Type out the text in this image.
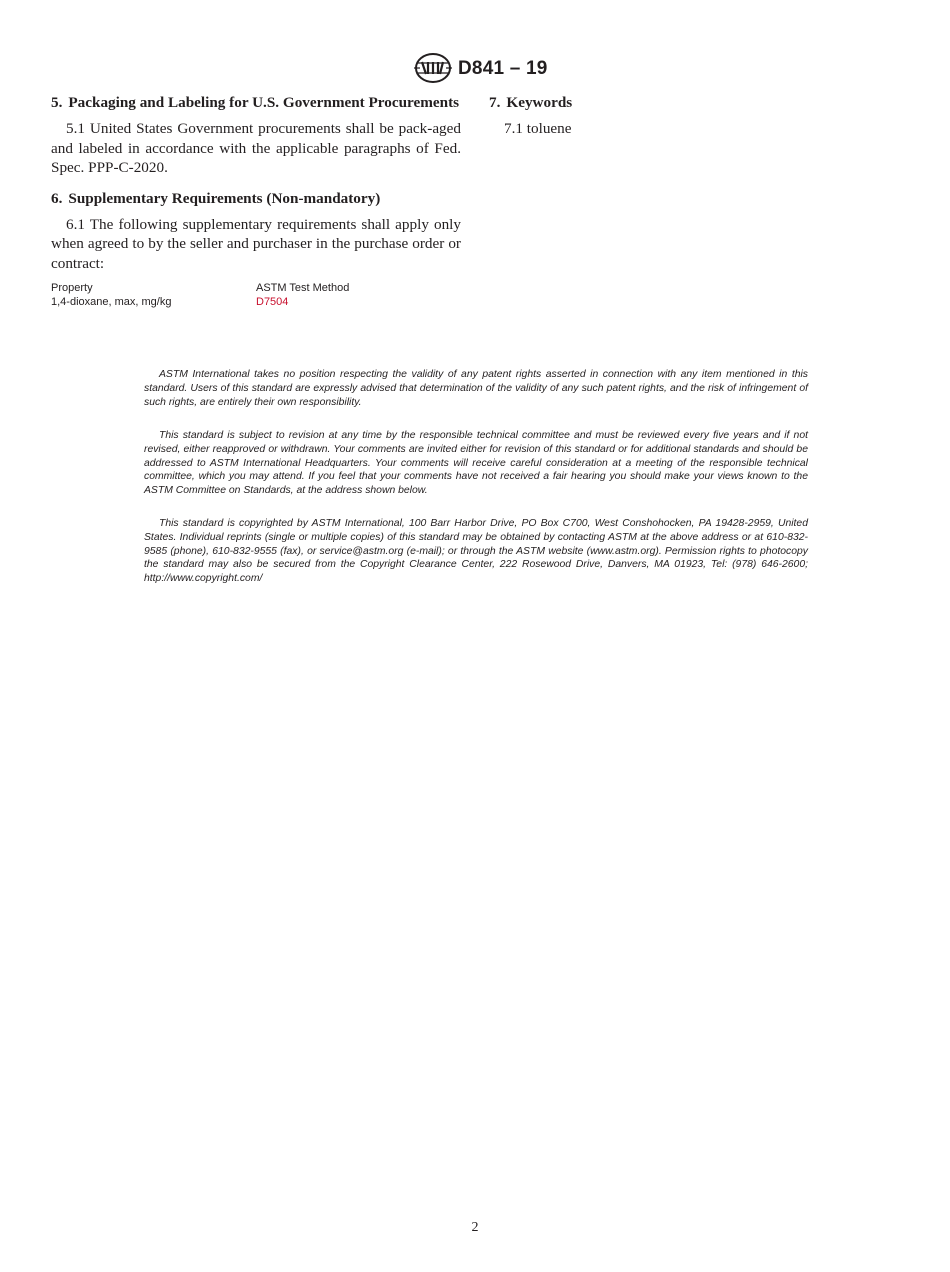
D841 – 19
5. Packaging and Labeling for U.S. Government Procurements

5.1 United States Government procurements shall be pack-aged and labeled in accordance with the applicable paragraphs of Fed. Spec. PPP-C-2020.

6. Supplementary Requirements (Non-mandatory)

6.1 The following supplementary requirements shall apply only when agreed to by the seller and purchaser in the purchase order or contract:

Property	ASTM Test Method
1,4-dioxane, max, mg/kg	D7504
7. Keywords

7.1 toluene

ASTM International takes no position respecting the validity of any patent rights asserted in connection with any item mentioned in this standard. Users of this standard are expressly advised that determination of the validity of any such patent rights, and the risk of infringement of such rights, are entirely their own responsibility.

This standard is subject to revision at any time by the responsible technical committee and must be reviewed every five years and if not revised, either reapproved or withdrawn. Your comments are invited either for revision of this standard or for additional standards and should be addressed to ASTM International Headquarters. Your comments will receive careful consideration at a meeting of the responsible technical committee, which you may attend. If you feel that your comments have not received a fair hearing you should make your views known to the ASTM Committee on Standards, at the address shown below.

This standard is copyrighted by ASTM International, 100 Barr Harbor Drive, PO Box C700, West Conshohocken, PA 19428-2959, United States. Individual reprints (single or multiple copies) of this standard may be obtained by contacting ASTM at the above address or at 610-832-9585 (phone), 610-832-9555 (fax), or service@astm.org (e-mail); or through the ASTM website (www.astm.org). Permission rights to photocopy the standard may also be secured from the Copyright Clearance Center, 222 Rosewood Drive, Danvers, MA 01923, Tel: (978) 646-2600; http://www.copyright.com/

2
